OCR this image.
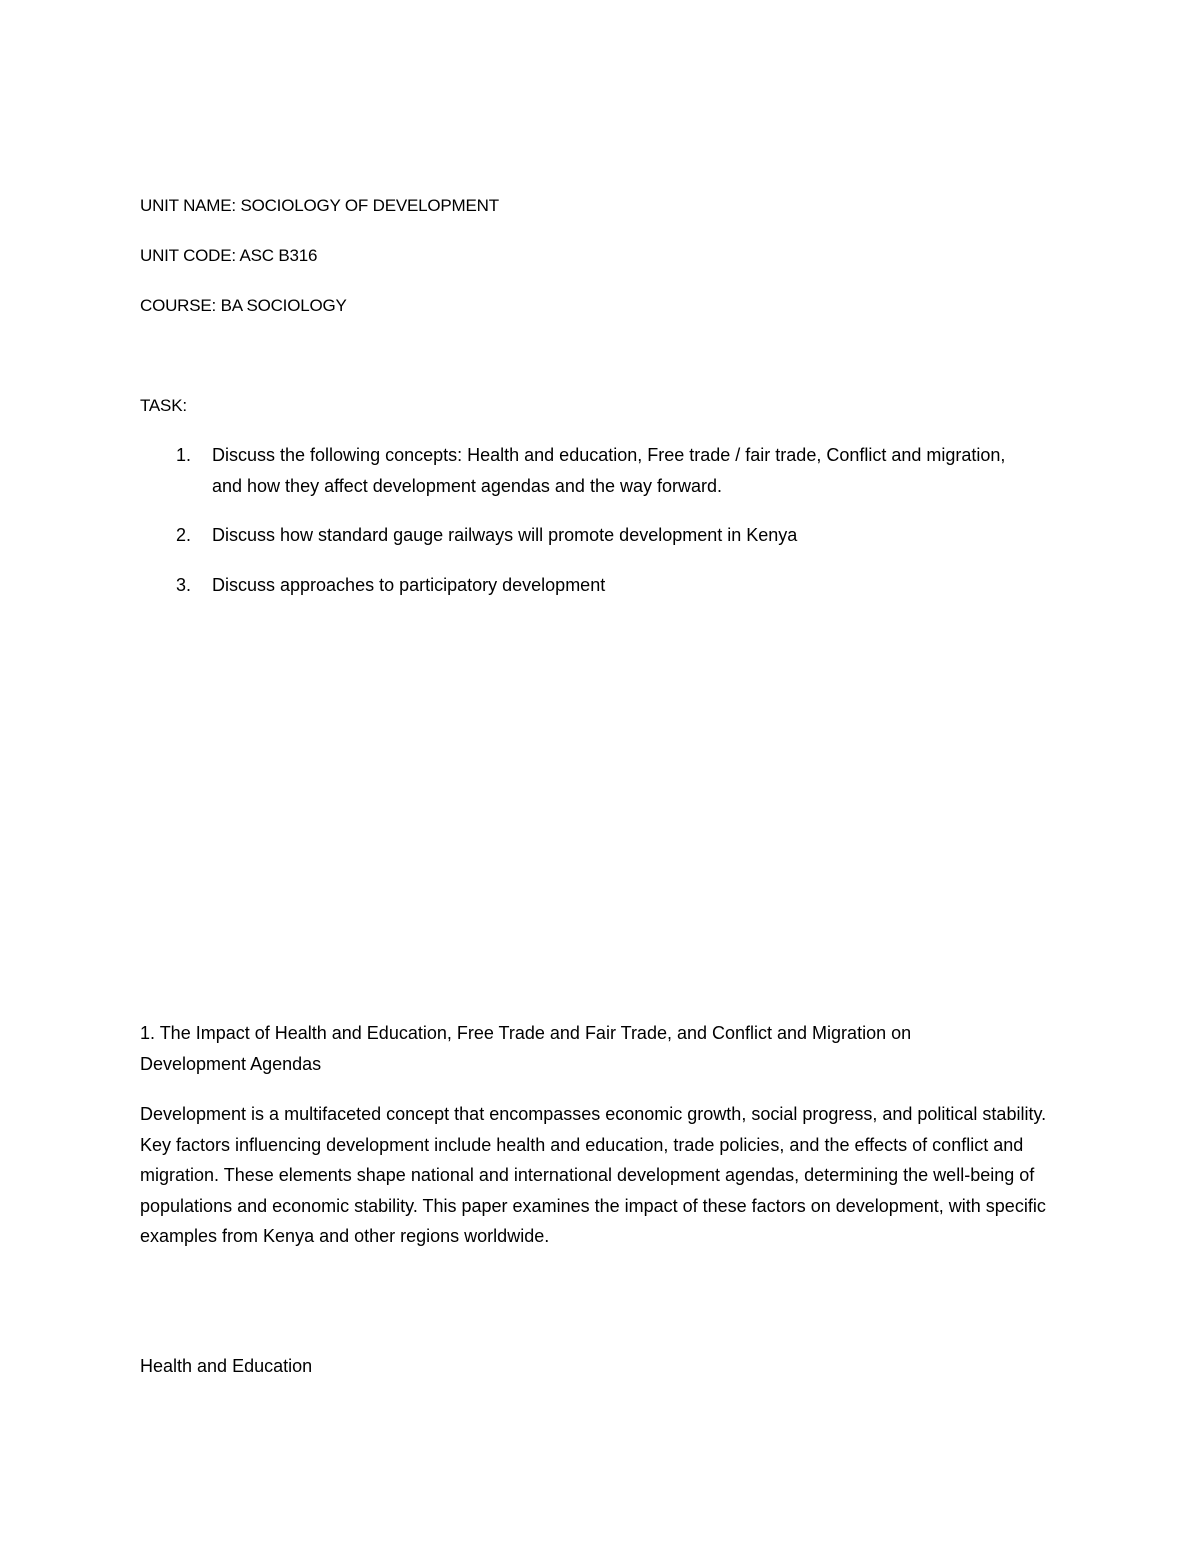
UNIT NAME: SOCIOLOGY OF DEVELOPMENT
UNIT CODE: ASC B316
COURSE: BA SOCIOLOGY
TASK:
1. Discuss the following concepts: Health and education, Free trade / fair trade, Conflict and migration, and how they affect development agendas and the way forward.
2. Discuss how standard gauge railways will promote development in Kenya
3. Discuss approaches to participatory development
1. The Impact of Health and Education, Free Trade and Fair Trade, and Conflict and Migration on Development Agendas
Development is a multifaceted concept that encompasses economic growth, social progress, and political stability. Key factors influencing development include health and education, trade policies, and the effects of conflict and migration. These elements shape national and international development agendas, determining the well-being of populations and economic stability. This paper examines the impact of these factors on development, with specific examples from Kenya and other regions worldwide.
Health and Education
